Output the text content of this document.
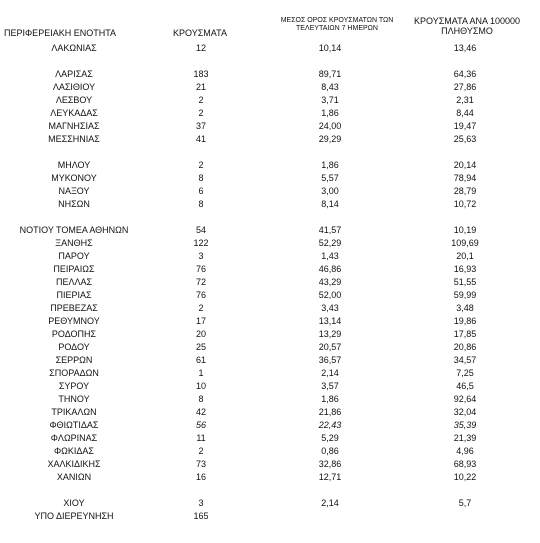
ΠΕΡΙΦΕΡΕΙΑΚΗ ΕΝΟΤΗΤΑ	ΚΡΟΥΣΜΑΤΑ
ΜΕΣΟΣ ΟΡΟΣ ΚΡΟΥΣΜΑΤΩΝ ΤΩΝ
ΤΕΛΕΥΤΑΙΩΝ 7 ΗΜΕΡΩΝ
ΚΡΟΥΣΜΑΤΑ ΑΝΑ 100000
ΠΛΗΘΥΣΜΟ
ΛΑΚΩΝΙΑΣ	12	10,14	13,46
ΛΑΡΙΣΑΣ	183	89,71	64,36
ΛΑΣΙΘΙΟΥ	21	8,43	27,86
ΛΕΣΒΟΥ	2	3,71	2,31
ΛΕΥΚΑΔΑΣ	2	1,86	8,44
ΜΑΓΝΗΣΙΑΣ	37	24,00	19,47
ΜΕΣΣΗΝΙΑΣ	41	29,29	25,63
ΜΗΛΟΥ	2	1,86	20,14
ΜΥΚΟΝΟΥ	8	5,57	78,94
ΝΑΞΟΥ	6	3,00	28,79
ΝΗΣΩΝ	8	8,14	10,72
ΝΟΤΙΟΥ ΤΟΜΕΑ ΑΘΗΝΩΝ	54	41,57	10,19
ΞΑΝΘΗΣ	122	52,29	109,69
ΠΑΡΟΥ	3	1,43	20,1
ΠΕΙΡΑΙΩΣ	76	46,86	16,93
ΠΕΛΛΑΣ	72	43,29	51,55
ΠΙΕΡΙΑΣ	76	52,00	59,99
ΠΡΕΒΕΖΑΣ	2	3,43	3,48
ΡΕΘΥΜΝΟΥ	17	13,14	19,86
ΡΟΔΟΠΗΣ	20	13,29	17,85
ΡΟΔΟΥ	25	20,57	20,86
ΣΕΡΡΩΝ	61	36,57	34,57
ΣΠΟΡΑΔΩΝ	1	2,14	7,25
ΣΥΡΟΥ	10	3,57	46,5
ΤΗΝΟΥ	8	1,86	92,64
ΤΡΙΚΑΛΩΝ	42	21,86	32,04
ΦΘΙΩΤΙΔΑΣ	56	22,43	35,39
ΦΛΩΡΙΝΑΣ	11	5,29	21,39
ΦΩΚΙΔΑΣ	2	0,86	4,96
ΧΑΛΚΙΔΙΚΗΣ	73	32,86	68,93
ΧΑΝΙΩΝ	16	12,71	10,22
ΧΙΟΥ	3	2,14	5,7
ΥΠΟ ΔΙΕΡΕΥΝΗΣΗ	165
